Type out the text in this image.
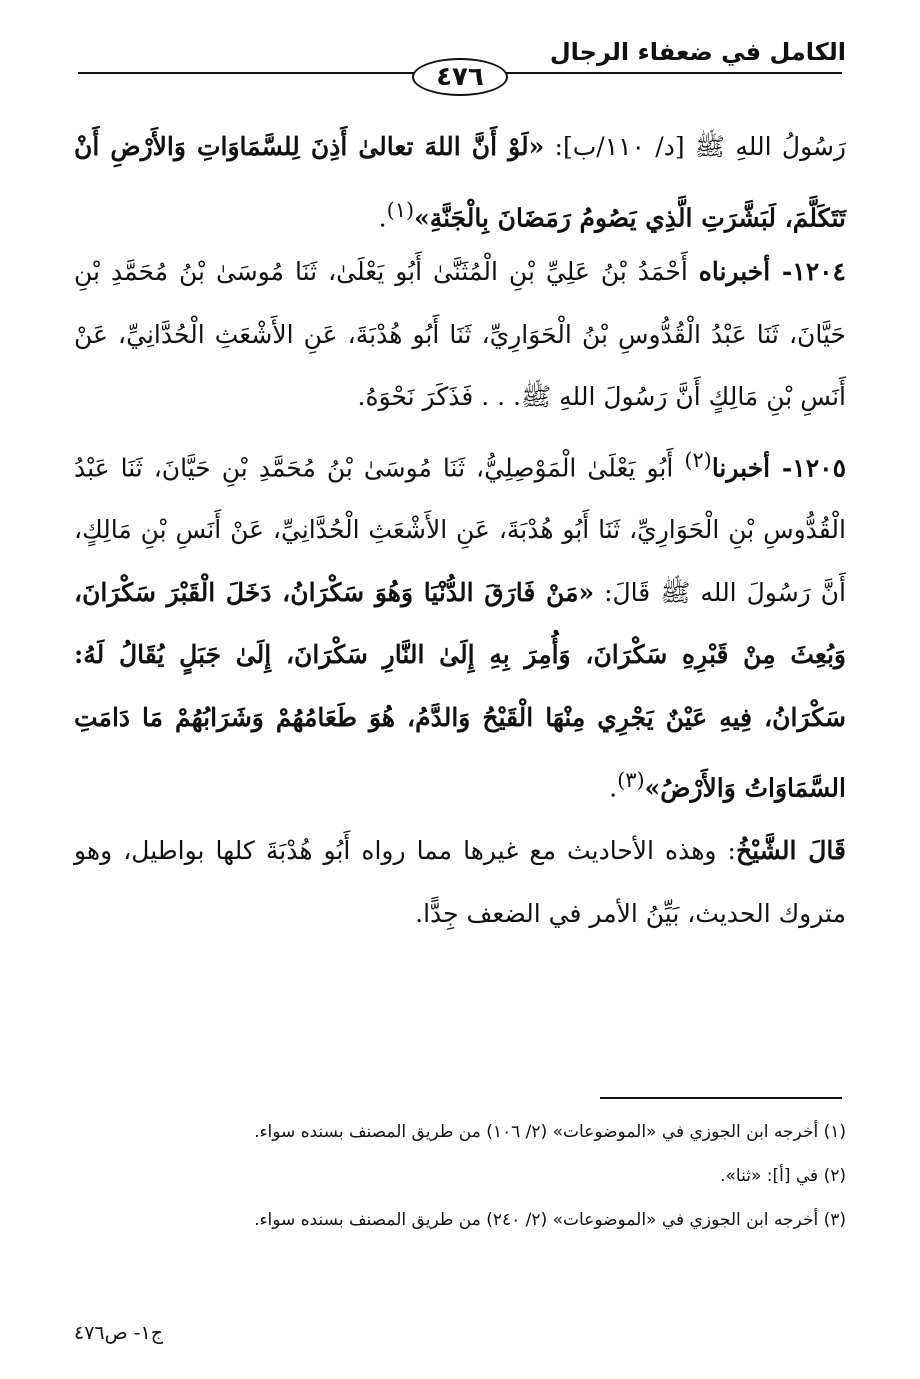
الكامل في ضعفاء الرجال
٤٧٦

رَسُولُ اللهِ ﷺ [د/ ١١٠/ب]: «لَوْ أَنَّ اللهَ تعالىٰ أَذِنَ لِلسَّمَاوَاتِ وَالأَرْضِ أَنْ تَتَكَلَّمَ، لَبَشَّرَتِ الَّذِي يَصُومُ رَمَضَانَ بِالْجَنَّةِ»$^{(١)}$.

١٢٠٤- أخبرناه أَحْمَدُ بْنُ عَلِيِّ بْنِ الْمُثَنَّىٰ أَبُو يَعْلَىٰ، ثَنَا مُوسَىٰ بْنُ مُحَمَّدِ بْنِ حَيَّانَ، ثَنَا عَبْدُ الْقُدُّوسِ بْنُ الْحَوَارِيِّ، ثَنَا أَبُو هُدْبَةَ، عَنِ الأَشْعَثِ الْحُدَّانِيِّ، عَنْ أَنَسِ بْنِ مَالِكٍ أَنَّ رَسُولَ اللهِ ﷺ. . . فَذَكَرَ نَحْوَهُ.

١٢٠٥- أخبرنا$^{(٢)}$ أَبُو يَعْلَىٰ الْمَوْصِلِيُّ، ثَنَا مُوسَىٰ بْنُ مُحَمَّدِ بْنِ حَيَّانَ، ثَنَا عَبْدُ الْقُدُّوسِ بْنِ الْحَوَارِيِّ، ثَنَا أَبُو هُدْبَةَ، عَنِ الأَشْعَثِ الْحُدَّانِيِّ، عَنْ أَنَسِ بْنِ مَالِكٍ، أَنَّ رَسُولَ الله ﷺ قَالَ: «مَنْ فَارَقَ الدُّنْيَا وَهُوَ سَكْرَانُ، دَخَلَ الْقَبْرَ سَكْرَانَ، وَبُعِثَ مِنْ قَبْرِهِ سَكْرَانَ، وَأُمِرَ بِهِ إِلَىٰ النَّارِ سَكْرَانَ، إِلَىٰ جَبَلٍ يُقَالُ لَهُ: سَكْرَانُ، فِيهِ عَيْنٌ يَجْرِي مِنْهَا الْقَيْحُ وَالدَّمُ، هُوَ طَعَامُهُمْ وَشَرَابُهُمْ مَا دَامَتِ السَّمَاوَاتُ وَالأَرْضُ»$^{(٣)}$.

قَالَ الشَّيْخُ: وهذه الأحاديث مع غيرها مما رواه أَبُو هُدْبَةَ كلها بواطيل، وهو متروك الحديث، بَيِّنُ الأمر في الضعف جِدًّا.

(١) أخرجه ابن الجوزي في «الموضوعات» (٢/ ١٠٦) من طريق المصنف بسنده سواء.

(٢) في [أ]: «ثنا».

(٣) أخرجه ابن الجوزي في «الموضوعات» (٢/ ٢٤٠) من طريق المصنف بسنده سواء.

ج١- ص٤٧٦
